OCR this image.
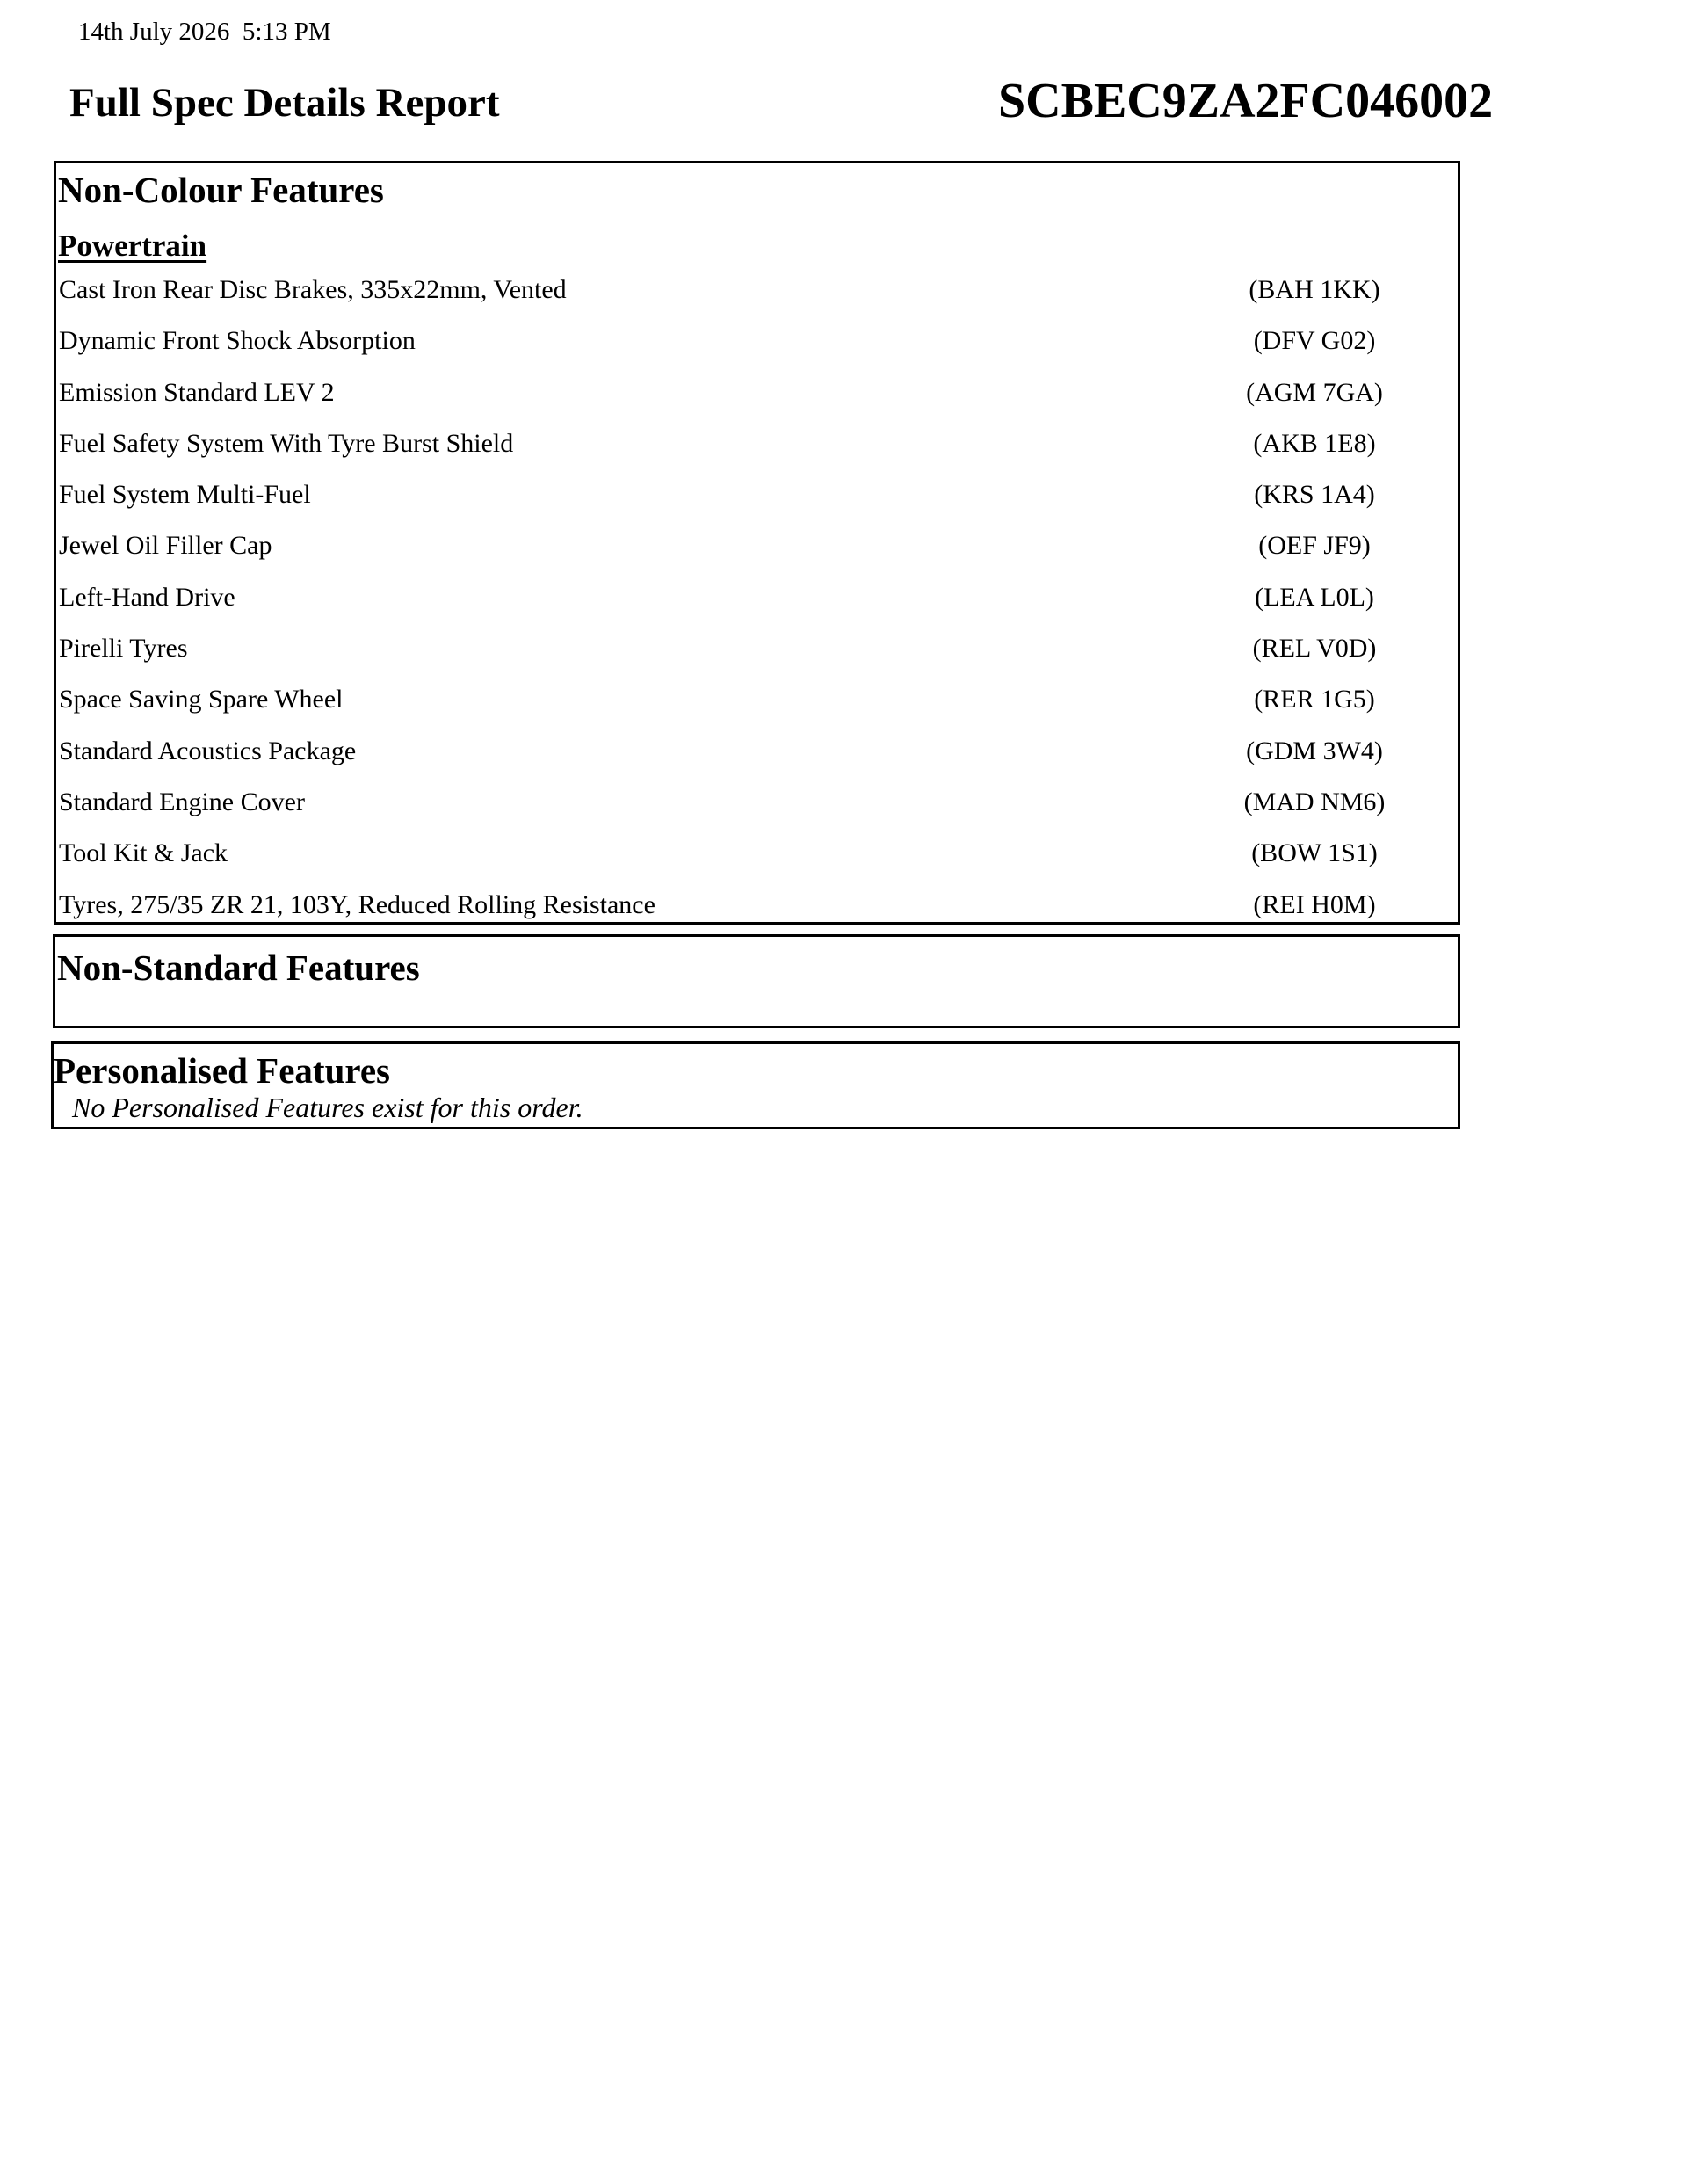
14th July 2026  5:13 PM
Full Spec Details Report	SCBEC9ZA2FC046002
Non-Colour Features
Powertrain
Cast Iron Rear Disc Brakes, 335x22mm, Vented	(BAH 1KK)
Dynamic Front Shock Absorption	(DFV G02)
Emission Standard LEV 2	(AGM 7GA)
Fuel Safety System With Tyre Burst Shield	(AKB 1E8)
Fuel System Multi-Fuel	(KRS 1A4)
Jewel Oil Filler Cap	(OEF JF9)
Left-Hand Drive	(LEA L0L)
Pirelli Tyres	(REL V0D)
Space Saving Spare Wheel	(RER 1G5)
Standard Acoustics Package	(GDM 3W4)
Standard Engine Cover	(MAD NM6)
Tool Kit & Jack	(BOW 1S1)
Tyres, 275/35 ZR 21, 103Y, Reduced Rolling Resistance	(REI H0M)
Non-Standard Features
Personalised Features
No Personalised Features exist for this order.
